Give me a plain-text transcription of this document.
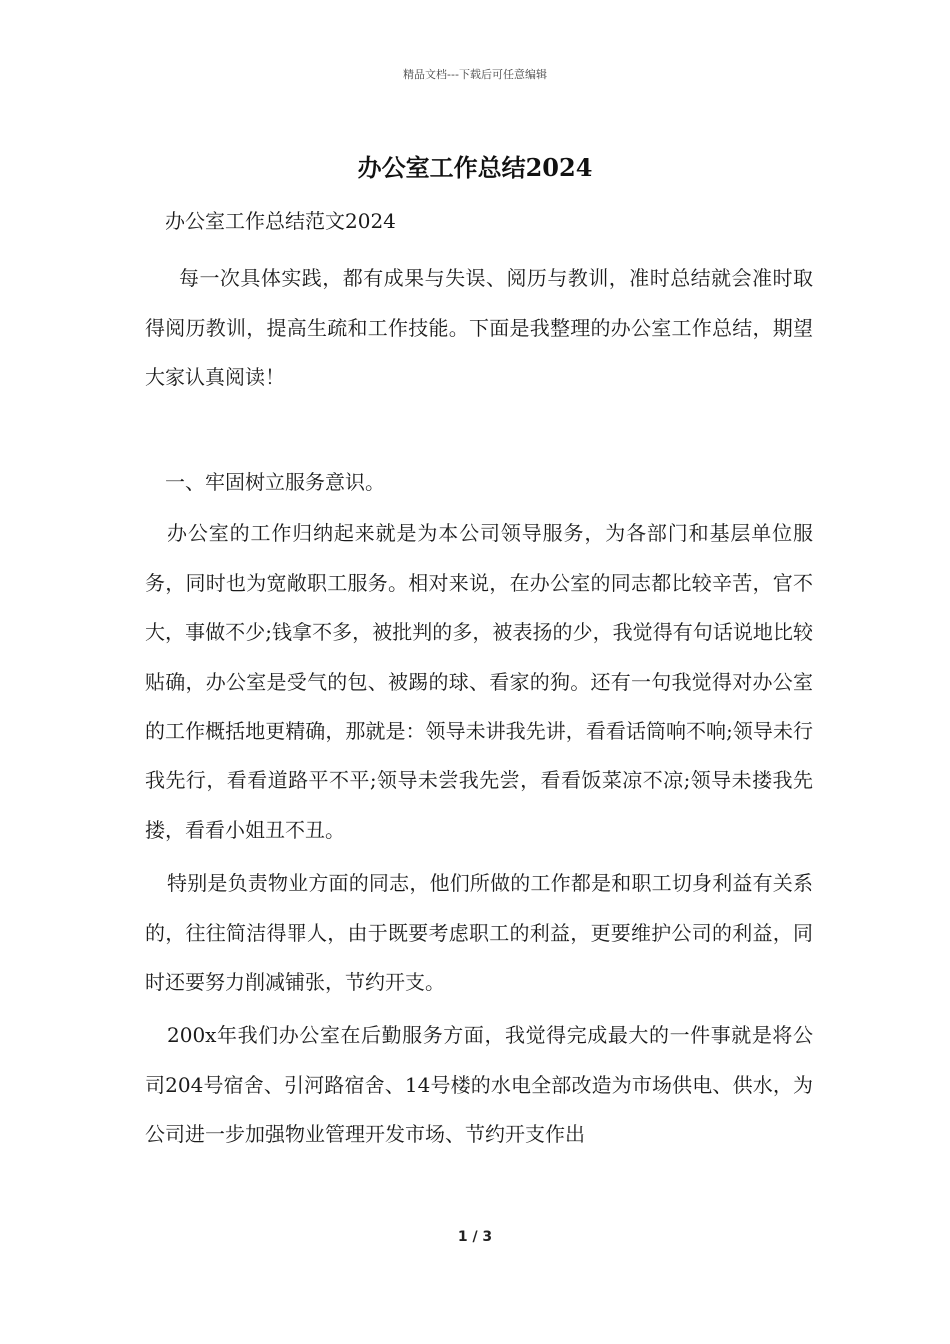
精品文档---下载后可任意编辑
办公室工作总结2024

办公室工作总结范文2024

每一次具体实践，都有成果与失误、阅历与教训，准时总结就会准时取得阅历教训，提高生疏和工作技能。下面是我整理的办公室工作总结，期望大家认真阅读！

一、牢固树立服务意识。

办公室的工作归纳起来就是为本公司领导服务，为各部门和基层单位服务，同时也为宽敞职工服务。相对来说，在办公室的同志都比较辛苦，官不大，事做不少;钱拿不多，被批判的多，被表扬的少，我觉得有句话说地比较贴确，办公室是受气的包、被踢的球、看家的狗。还有一句我觉得对办公室的工作概括地更精确，那就是：领导未讲我先讲，看看话筒响不响;领导未行我先行，看看道路平不平;领导未尝我先尝，看看饭菜凉不凉;领导未搂我先搂，看看小姐丑不丑。

特别是负责物业方面的同志，他们所做的工作都是和职工切身利益有关系的，往往简洁得罪人，由于既要考虑职工的利益，更要维护公司的利益，同时还要努力削减铺张，节约开支。

200x年我们办公室在后勤服务方面，我觉得完成最大的一件事就是将公司204号宿舍、引河路宿舍、14号楼的水电全部改造为市场供电、供水，为公司进一步加强物业管理开发市场、节约开支作出

1 / 3
